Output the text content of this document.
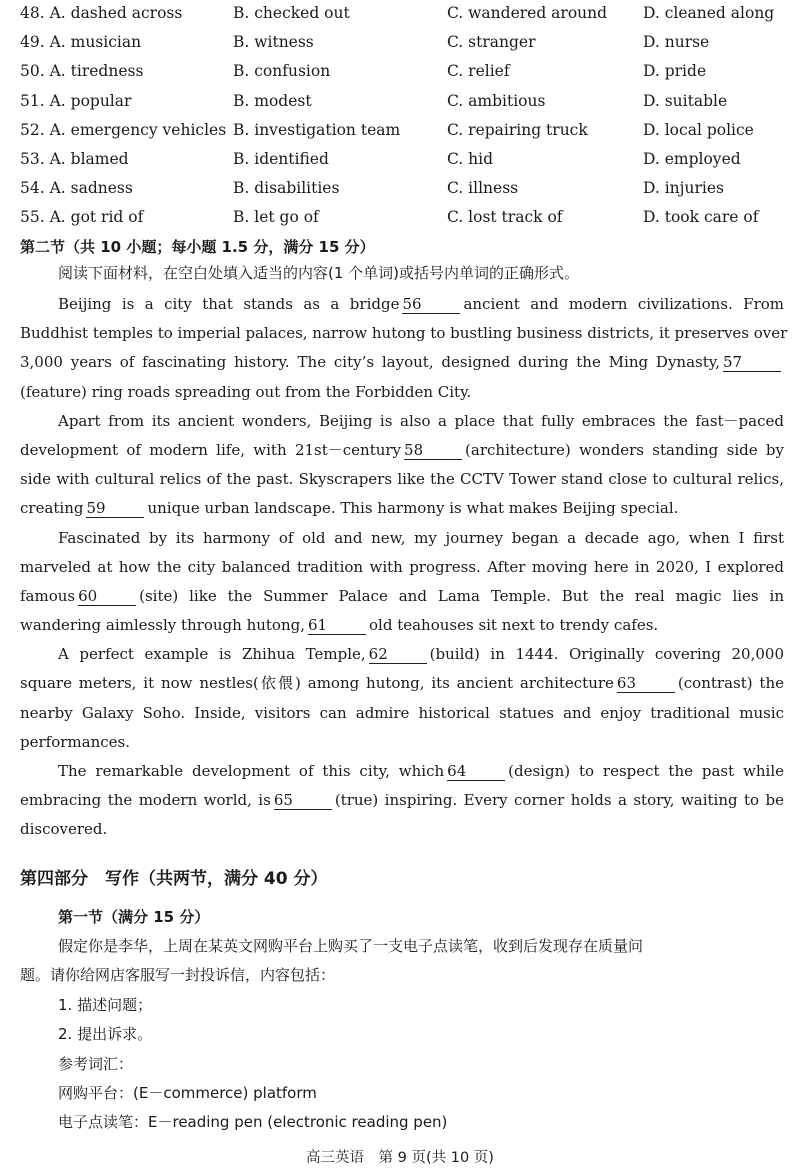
48. A. dashed across	B. checked out	C. wandered around D. cleaned along
49. A. musician	B. witness	C. stranger	D. nurse
50. A. tiredness	B. confusion	C. relief	D. pride
51. A. popular	B. modest	C. ambitious	D. suitable
52. A. emergency vehicles B. investigation team	C. repairing truck	D. local police
53. A. blamed	B. identified	C. hid	D. employed
54. A. sadness	B. disabilities	C. illness	D. injuries
55. A. got rid of	B. let go of	C. lost track of	D. took care of
第二节（共 10 小题；每小题 1.5 分，满分 15 分）
阅读下面材料，在空白处填入适当的内容(1 个单词)或括号内单词的正确形式。
Beijing is a city that stands as a bridge 56	ancient and modern civilizations. From
Buddhist temples to imperial palaces, narrow hutong to bustling business districts, it preserves over
3,000 years of fascinating history. The city’s layout, designed during the Ming Dynasty, 57
(feature) ring roads spreading out from the Forbidden City.
Apart from its ancient wonders, Beijing is also a place that fully embraces the fast－paced
development of modern life, with 21st－century 58	(architecture) wonders standing side by
side with cultural relics of the past. Skyscrapers like the CCTV Tower stand close to cultural relics,
creating 59	unique urban landscape. This harmony is what makes Beijing special.
Fascinated by its harmony of old and new, my journey began a decade ago, when I first
marveled at how the city balanced tradition with progress. After moving here in 2020, I explored
famous 60	(site) like the Summer Palace and Lama Temple. But the real magic lies in
wandering aimlessly through hutong, 61	old teahouses sit next to trendy cafes.
A perfect example is Zhihua Temple, 62	(build) in 1444. Originally covering 20,000
square meters, it now nestles(依偎) among hutong, its ancient architecture 63	(contrast) the
nearby Galaxy Soho. Inside, visitors can admire historical statues and enjoy traditional music
performances.
The remarkable development of this city, which 64	(design) to respect the past while
embracing the modern world, is 65	(true) inspiring. Every corner holds a story, waiting to be
discovered.
第四部分　写作（共两节，满分 40 分）
第一节（满分 15 分）
假定你是李华，上周在某英文网购平台上购买了一支电子点读笔，收到后发现存在质量问
题。请你给网店客服写一封投诉信，内容包括：
1. 描述问题；
2. 提出诉求。
参考词汇：
网购平台：(E－commerce) platform
电子点读笔：E－reading pen (electronic reading pen)
高三英语　第 9 页(共 10 页)
